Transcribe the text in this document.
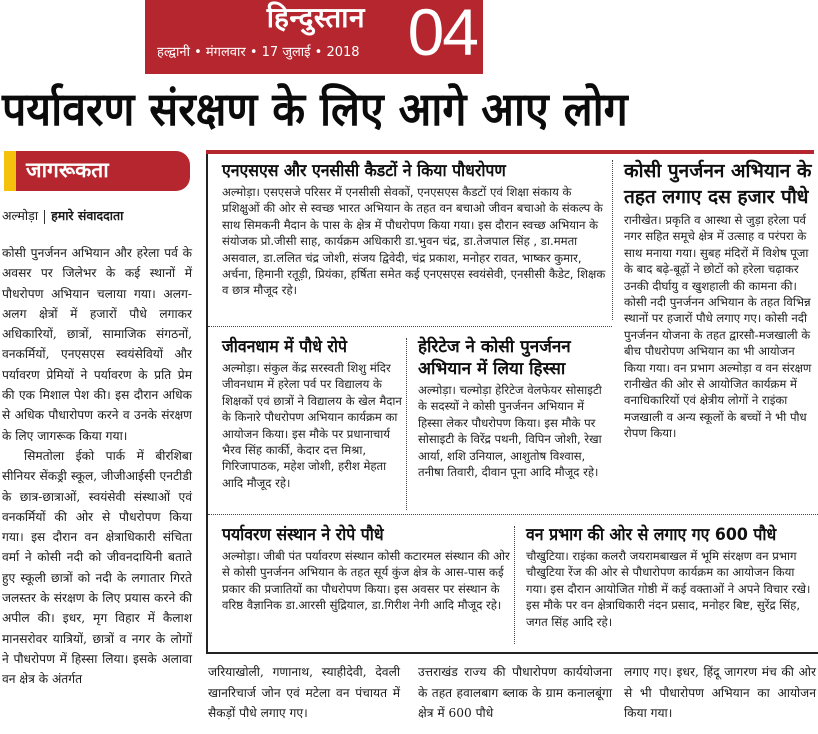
हिन्दुस्तान
हल्द्वानी • मंगलवार • 17 जुलाई • 2018 04
पर्यावरण संरक्षण के लिए आगे आए लोग
जागरूकता
अल्मोड़ा हमारे संवाददाता

कोसी पुनर्जनन अभियान और हरेला पर्व के अवसर पर जिलेभर के कई स्थानों में पौधरोपण अभियान चलाया गया। अलग-अलग क्षेत्रों में हजारों पौधे लगाकर अधिकारियों, छात्रों, सामाजिक संगठनों, वनकर्मियों, एनएसएस स्वयंसेवियों और पर्यावरण प्रेमियों ने पर्यावरण के प्रति प्रेम की एक मिशाल पेश की। इस दौरान अधिक से अधिक पौधारोपण करने व उनके संरक्षण के लिए जागरूक किया गया।

सिमतोला ईको पार्क में बीरशिबा सीनियर सेंकड्री स्कूल, जीजीआईसी एनटीडी के छात्र-छात्राओं, स्वयंसेवी संस्थाओं एवं वनकर्मियों की ओर से पौधरोपण किया गया। इस दौरान वन क्षेत्राधिकारी संचिता वर्मा ने कोसी नदी को जीवनदायिनी बताते हुए स्कूली छात्रों को नदी के लगातार गिरते जलस्तर के संरक्षण के लिए प्रयास करने की अपील की। इधर, मृग विहार में कैलाश मानसरोवर यात्रियों, छात्रों व नगर के लोगों ने पौधरोपण में हिस्सा लिया। इसके अलावा वन क्षेत्र के अंतर्गत

एनएसएस और एनसीसी कैडटों ने किया पौधरोपण

अल्मोड़ा। एसएसजे परिसर में एनसीसी सेवकों, एनएसएस कैडटों एवं शिक्षा संकाय के प्रशिक्षुओं की ओर से स्वच्छ भारत अभियान के तहत वन बचाओ जीवन बचाओ के संकल्प के साथ सिमकनी मैदान के पास के क्षेत्र में पौधरोपण किया गया। इस दौरान स्वच्छ अभियान के संयोजक प्रो.जीसी साह, कार्यक्रम अधिकारी डा.भुवन चंद्र, डा.तेजपाल सिंह , डा.ममता असवाल, डा.ललित चंद्र जोशी, संजय द्विवेदी, चंद्र प्रकाश, मनोहर रावत, भाष्कर कुमार, अर्चना, हिमानी रतूड़ी, प्रियंका, हर्षिता समेत कई एनएसएस स्वयंसेवी, एनसीसी कैडेट, शिक्षक व छात्र मौजूद रहे।

कोसी पुनर्जनन अभियान के तहत लगाए दस हजार पौधे

रानीखेत। प्रकृति व आस्था से जुड़ा हरेला पर्व नगर सहित समूचे क्षेत्र में उत्साह व परंपरा के साथ मनाया गया। सुबह मंदिरों में विशेष पूजा के बाद बढ़े-बूढ़ों ने छोटों को हरेला चढ़ाकर उनकी दीर्घायु व खुशहाली की कामना की। कोसी नदी पुनर्जनन अभियान के तहत विभिन्न स्थानों पर हजारों पौधे लगाए गए। कोसी नदी पुनर्जनन योजना के तहत द्वारसौ-मजखाली के बीच पौधरोपण अभियान का भी आयोजन किया गया। वन प्रभाग अल्मोड़ा व वन संरक्षण रानीखेत की ओर से आयोजित कार्यक्रम में वनाधिकारियों एवं क्षेत्रीय लोगों ने राइंका मजखाली व अन्य स्कूलों के बच्चों ने भी पौध रोपण किया।

जीवनधाम में पौधे रोपे

अल्मोड़ा। संकुल केंद्र सरस्वती शिशु मंदिर जीवनधाम में हरेला पर्व पर विद्यालय के शिक्षकों एवं छात्रों ने विद्यालय के खेल मैदान के किनारे पौधरोपण अभियान कार्यक्रम का आयोजन किया। इस मौके पर प्रधानाचार्य भैरव सिंह कार्की, केदार दत्त मिश्रा, गिरिजापाठक, महेश जोशी, हरीश मेहता आदि मौजूद रहे।

हेरिटेज ने कोसी पुनर्जनन अभियान में लिया हिस्सा

अल्मोड़ा। चल्मोड़ा हेरिटेज वेलफेयर सोसाइटी के सदस्यों ने कोसी पुनर्जनन अभियान में हिस्सा लेकर पौधरोपण किया। इस मौके पर सोसाइटी के विरेंद्र पथनी, विपिन जोशी, रेखा आर्या, शशि उनियाल, आशुतोष विश्वास, तनीषा तिवारी, दीवान पूना आदि मौजूद रहे।

पर्यावरण संस्थान ने रोपे पौधे

अल्मोड़ा। जीबी पंत पर्यावरण संस्थान कोसी कटारमल संस्थान की ओर से कोसी पुनर्जनन अभियान के तहत सूर्य कुंज क्षेत्र के आस-पास कई प्रकार की प्रजातियों का पौधरोपण किया। इस अवसर पर संस्थान के वरिष्ठ वैज्ञानिक डा.आरसी सुंद्रियाल, डा.गिरीश नेगी आदि मौजूद रहे।

वन प्रभाग की ओर से लगाए गए 600 पौधे

चौखुटिया। राइंका कलरौ जयरामबाखल में भूमि संरक्षण वन प्रभाग चौखुटिया रेंज की ओर से पौधारोपण कार्यक्रम का आयोजन किया गया। इस दौरान आयोजित गोष्ठी में कई वक्ताओं ने अपने विचार रखे। इस मौके पर वन क्षेत्राधिकारी नंदन प्रसाद, मनोहर बिष्ट, सुरेंद्र सिंह, जगत सिंह आदि रहे।

जरियाखोली, गणानाथ, स्याहीदेवी, देवली खानरिचार्ज जोन एवं मटेला वन पंचायत में सैकड़ों पौधे लगाए गए।
उत्तराखंड राज्य की पौधारोपण कार्ययोजना के तहत हवालबाग ब्लाक के ग्राम कनालबूंगा क्षेत्र में 600 पौधे
लगाए गए। इधर, हिंदू जागरण मंच की ओर से भी पौधारोपण अभियान का आयोजन किया गया।
